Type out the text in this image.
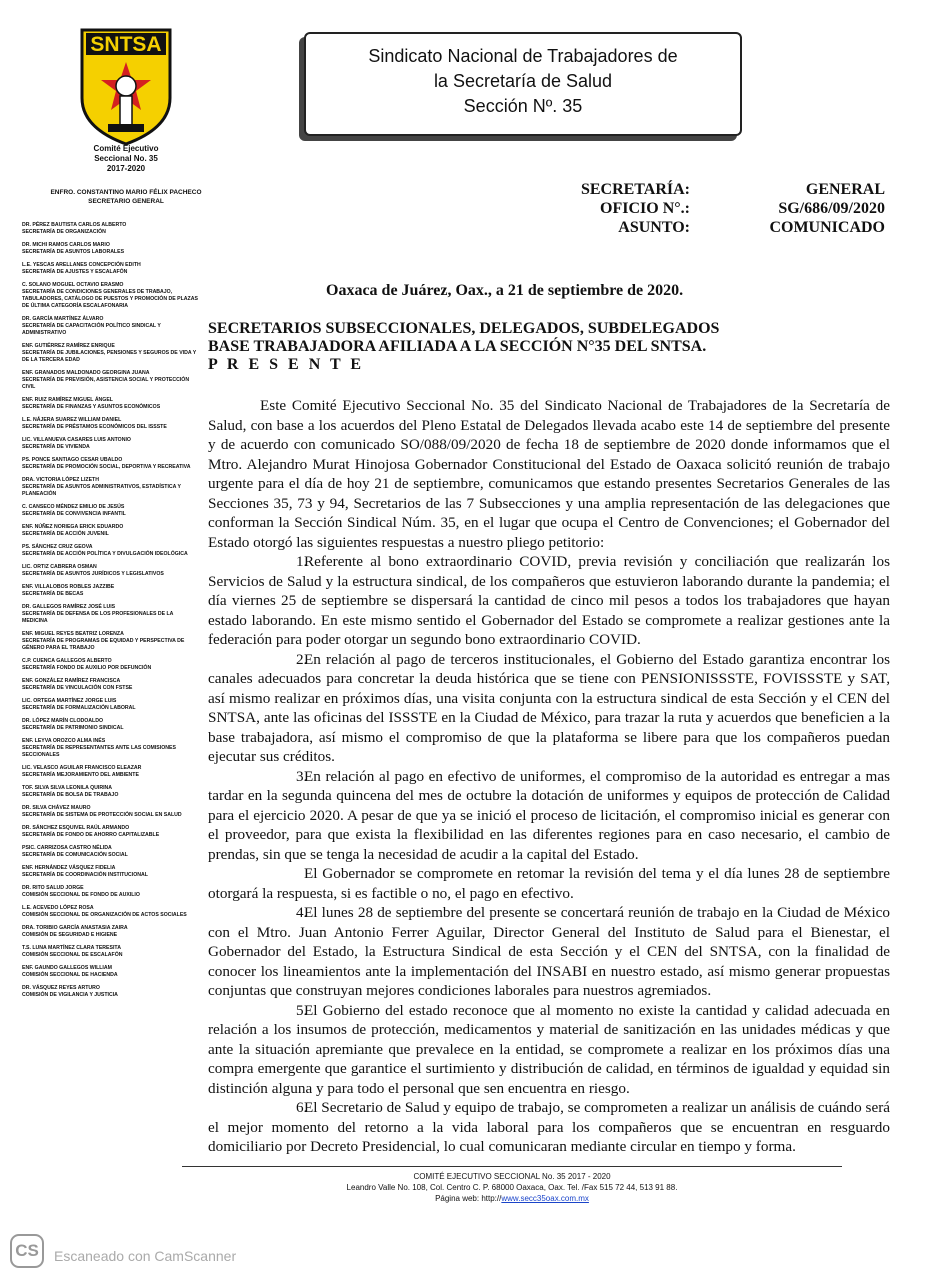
SNTSA
Comité Ejecutivo
Seccional No. 35
2017-2020
Sindicato Nacional de Trabajadores de
la Secretaría de Salud
Sección Nº. 35
ENFRO. CONSTANTINO MARIO FÉLIX PACHECO
SECRETARIO GENERAL
DR. PÉREZ BAUTISTA CARLOS ALBERTO
SECRETARÍA DE ORGANIZACIÓN
DR. MICHI RAMOS CARLOS MARIO
SECRETARÍA DE ASUNTOS LABORALES
L.E. YESCAS ARELLANES CONCEPCIÓN EDITH
SECRETARÍA DE AJUSTES Y ESCALAFÓN
C. SOLANO MOGUEL OCTAVIO ERASMO
SECRETARÍA DE CONDICIONES GENERALES DE TRABAJO, TABULADORES, CATÁLOGO DE PUESTOS Y PROMOCIÓN DE PLAZAS DE ÚLTIMA CATEGORÍA ESCALAFONARIA
DR. GARCÍA MARTÍNEZ ÁLVARO
SECRETARÍA DE CAPACITACIÓN POLÍTICO SINDICAL Y ADMINISTRATIVO
ENF. GUTIÉRREZ RAMÍREZ ENRIQUE
SECRETARÍA DE JUBILACIONES, PENSIONES Y SEGUROS DE VIDA Y DE LA TERCERA EDAD
ENF. GRANADOS MALDONADO GEORGINA JUANA
SECRETARÍA DE PREVISIÓN, ASISTENCIA SOCIAL Y PROTECCIÓN CIVIL
ENF. RUIZ RAMÍREZ MIGUEL ÁNGEL
SECRETARÍA DE FINANZAS Y ASUNTOS ECONÓMICOS
L.E. NÁJERA SUAREZ WILLIAM DANIEL
SECRETARÍA DE PRÉSTAMOS ECONÓMICOS DEL ISSSTE
LIC. VILLANUEVA CASARES LUIS ANTONIO
SECRETARÍA DE VIVIENDA
PS. PONCE SANTIAGO CESAR UBALDO
SECRETARÍA DE PROMOCIÓN SOCIAL, DEPORTIVA Y RECREATIVA
DRA. VICTORIA LÓPEZ LIZETH
SECRETARÍA DE ASUNTOS ADMINISTRATIVOS, ESTADÍSTICA Y PLANEACIÓN
C. CANSECO MÉNDEZ EMILIO DE JESÚS
SECRETARÍA DE CONVIVENCIA INFANTIL
ENF. NÚÑEZ NORIEGA ERICK EDUARDO
SECRETARÍA DE ACCIÓN JUVENIL
PS. SÁNCHEZ CRUZ GEOVA
SECRETARÍA DE ACCIÓN POLÍTICA Y DIVULGACIÓN IDEOLÓGICA
LIC. ORTIZ CABRERA OSMAN
SECRETARÍA DE ASUNTOS JURÍDICOS Y LEGISLATIVOS
ENF. VILLALOBOS ROBLES JAZZIBE
SECRETARÍA DE BECAS
DR. GALLEGOS RAMÍREZ JOSÉ LUIS
SECRETARÍA DE DEFENSA DE LOS PROFESIONALES DE LA MEDICINA
ENF. MIGUEL REYES BEATRIZ LORENZA
SECRETARÍA DE PROGRAMAS DE EQUIDAD Y PERSPECTIVA DE GÉNERO PARA EL TRABAJO
C.P. CUENCA GALLEGOS ALBERTO
SECRETARÍA FONDO DE AUXILIO POR DEFUNCIÓN
ENF. GONZÁLEZ RAMÍREZ FRANCISCA
SECRETARÍA DE VINCULACIÓN CON FSTSE
LIC. ORTEGA MARTÍNEZ JORGE LUIS
SECRETARÍA DE FORMALIZACIÓN LABORAL
DR. LÓPEZ MARÍN CLODOALDO
SECRETARÍA DE PATRIMONIO SINDICAL
ENF. LEYVA OROZCO ALMA INÉS
SECRETARÍA DE REPRESENTANTES ANTE LAS COMISIONES SECCIONALES
LIC. VELASCO AGUILAR FRANCISCO ELEAZAR
SECRETARÍA MEJORAMIENTO DEL AMBIENTE
TOF. SILVA SILVA LEONILA QUIRINA
SECRETARÍA DE BOLSA DE TRABAJO
DR. SILVA CHÁVEZ MAURO
SECRETARÍA DE SISTEMA DE PROTECCIÓN SOCIAL EN SALUD
DR. SÁNCHEZ ESQUIVEL RAÚL ARMANDO
SECRETARÍA DE FONDO DE AHORRO CAPITALIZABLE
PSIC. CARRIZOSA CASTRO NÉLIDA
SECRETARÍA DE COMUNICACIÓN SOCIAL
ENF. HERNÁNDEZ VÁSQUEZ FIDELIA
SECRETARÍA DE COORDINACIÓN INSTITUCIONAL
DR. RITO SALUD JORGE
COMISIÓN SECCIONAL DE FONDO DE AUXILIO
L.E. ACEVEDO LÓPEZ ROSA
COMISIÓN SECCIONAL DE ORGANIZACIÓN DE ACTOS SOCIALES
DRA. TORIBIO GARCÍA ANASTASIA ZAIRA
COMISIÓN DE SEGURIDAD E HIGIENE
T.S. LUNA MARTÍNEZ CLARA TERESITA
COMISIÓN SECCIONAL DE ESCALAFÓN
ENF. GAUNDO GALLEGOS WILLIAM
COMISIÓN SECCIONAL DE HACIENDA
DR. VÁSQUEZ REYES ARTURO
COMISIÓN DE VIGILANCIA Y JUSTICIA
SECRETARÍA:	GENERAL
OFICIO N°.:	SG/686/09/2020
ASUNTO:	COMUNICADO
Oaxaca de Juárez, Oax., a 21 de septiembre de 2020.
SECRETARIOS SUBSECCIONALES, DELEGADOS, SUBDELEGADOS
BASE TRABAJADORA AFILIADA A LA SECCIÓN N°35 DEL SNTSA.
P R E S E N T E

Este Comité Ejecutivo Seccional No. 35 del Sindicato Nacional de Trabajadores de la Secretaría de Salud, con base a los acuerdos del Pleno Estatal de Delegados llevada acabo este 14 de septiembre del presente y de acuerdo con comunicado SO/088/09/2020 de fecha 18 de septiembre de 2020 donde informamos que el Mtro. Alejandro Murat Hinojosa Gobernador Constitucional del Estado de Oaxaca solicitó reunión de trabajo urgente para el día de hoy 21 de septiembre, comunicamos que estando presentes Secretarios Generales de las Secciones 35, 73 y 94, Secretarios de las 7 Subsecciones y una amplia representación de las delegaciones que conforman la Sección Sindical Núm. 35, en el lugar que ocupa el Centro de Convenciones; el Gobernador del Estado otorgó las siguientes respuestas a nuestro pliego petitorio:

1.Referente al bono extraordinario COVID, previa revisión y conciliación que realizarán los Servicios de Salud y la estructura sindical, de los compañeros que estuvieron laborando durante la pandemia; el día viernes 25 de septiembre se dispersará la cantidad de cinco mil pesos a todos los trabajadores que hayan estado laborando. En este mismo sentido el Gobernador del Estado se compromete a realizar gestiones ante la federación para poder otorgar un segundo bono extraordinario COVID.

2.En relación al pago de terceros institucionales, el Gobierno del Estado garantiza encontrar los canales adecuados para concretar la deuda histórica que se tiene con PENSIONISSSTE, FOVISSSTE y SAT, así mismo realizar en próximos días, una visita conjunta con la estructura sindical de esta Sección y el CEN del SNTSA, ante las oficinas del ISSSTE en la Ciudad de México, para trazar la ruta y acuerdos que beneficien a la base trabajadora, así mismo el compromiso de que la plataforma se libere para que los compañeros puedan ejecutar sus créditos.

3.En relación al pago en efectivo de uniformes, el compromiso de la autoridad es entregar a mas tardar en la segunda quincena del mes de octubre la dotación de uniformes y equipos de protección de Calidad para el ejercicio 2020. A pesar de que ya se inició el proceso de licitación, el compromiso inicial es generar con el proveedor, para que exista la flexibilidad en las diferentes regiones para en caso necesario, el cambio de prendas, sin que se tenga la necesidad de acudir a la capital del Estado.

El Gobernador se compromete en retomar la revisión del tema y el día lunes 28 de septiembre otorgará la respuesta, si es factible o no, el pago en efectivo.

4.El lunes 28 de septiembre del presente se concertará reunión de trabajo en la Ciudad de México con el Mtro. Juan Antonio Ferrer Aguilar, Director General del Instituto de Salud para el Bienestar, el Gobernador del Estado, la Estructura Sindical de esta Sección y el CEN del SNTSA, con la finalidad de conocer los lineamientos ante la implementación del INSABI en nuestro estado, así mismo generar propuestas conjuntas que construyan mejores condiciones laborales para nuestros agremiados.

5.El Gobierno del estado reconoce que al momento no existe la cantidad y calidad adecuada en relación a los insumos de protección, medicamentos y material de sanitización en las unidades médicas y que ante la situación apremiante que prevalece en la entidad, se compromete a realizar en los próximos días una compra emergente que garantice el surtimiento y distribución de calidad, en términos de igualdad y equidad sin distinción alguna y para todo el personal que sen encuentra en riesgo.

6.El Secretario de Salud y equipo de trabajo, se comprometen a realizar un análisis de cuándo será el mejor momento del retorno a la vida laboral para los compañeros que se encuentran en resguardo domiciliario por Decreto Presidencial, lo cual comunicaran mediante circular en tiempo y forma.

COMITÉ EJECUTIVO SECCIONAL No. 35 2017 - 2020
Leandro Valle No. 108, Col. Centro C. P. 68000 Oaxaca, Oax. Tel. /Fax 515 72 44, 513 91 88.
Página web: http://www.secc35oax.com.mx
CS	Escaneado con CamScanner
